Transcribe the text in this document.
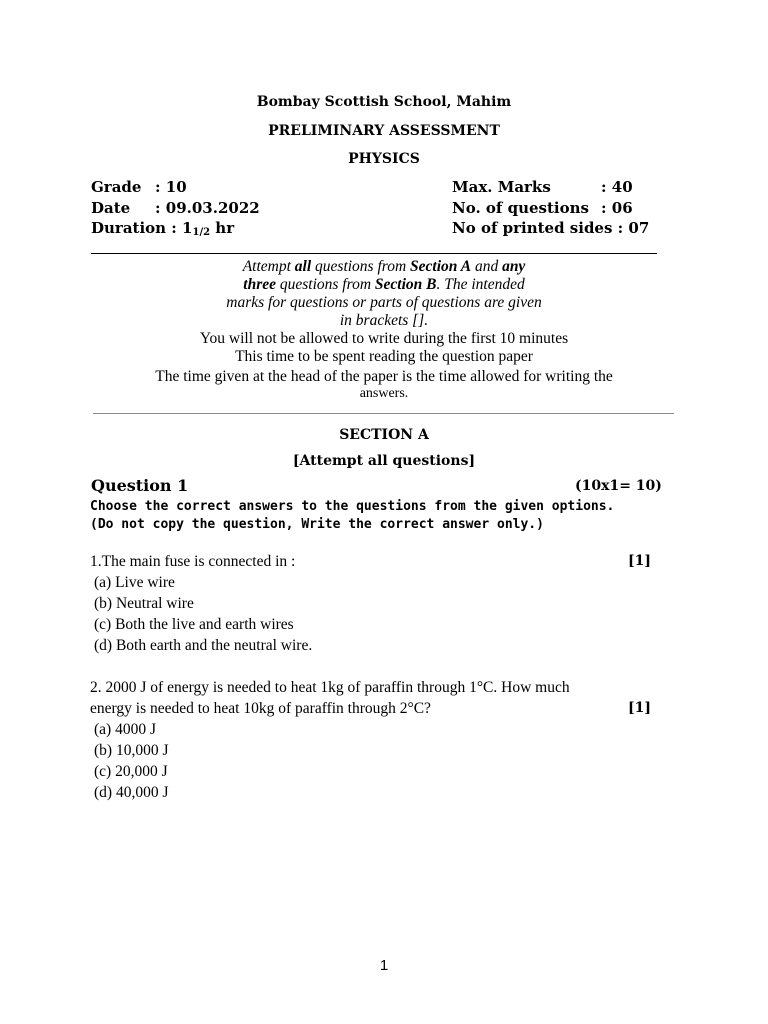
Bombay Scottish School, Mahim
PRELIMINARY ASSESSMENT
PHYSICS
Grade : 10
Date : 09.03.2022
Duration : $1_{1/2}$ hr
Max. Marks	: 40
No. of questions : 06
No of printed sides : 07
Attempt all questions from Section A and any
three questions from Section B. The intended
marks for questions or parts of questions are given
in brackets [].
You will not be allowed to write during the first 10 minutes
This time to be spent reading the question paper
The time given at the head of the paper is the time allowed for writing the
answers.
SECTION A
[Attempt all questions]
Question 1	(10x1= 10)
Choose the correct answers to the questions from the given options.
(Do not copy the question, Write the correct answer only.)
1.The main fuse is connected in :	[1]
(a) Live wire
(b) Neutral wire
(c) Both the live and earth wires
(d) Both earth and the neutral wire.
2. 2000 J of energy is needed to heat 1kg of paraffin through 1°C. How much
energy is needed to heat 10kg of paraffin through 2°C?	[1]
(a) 4000 J
(b) 10,000 J
(c) 20,000 J
(d) 40,000 J
1
